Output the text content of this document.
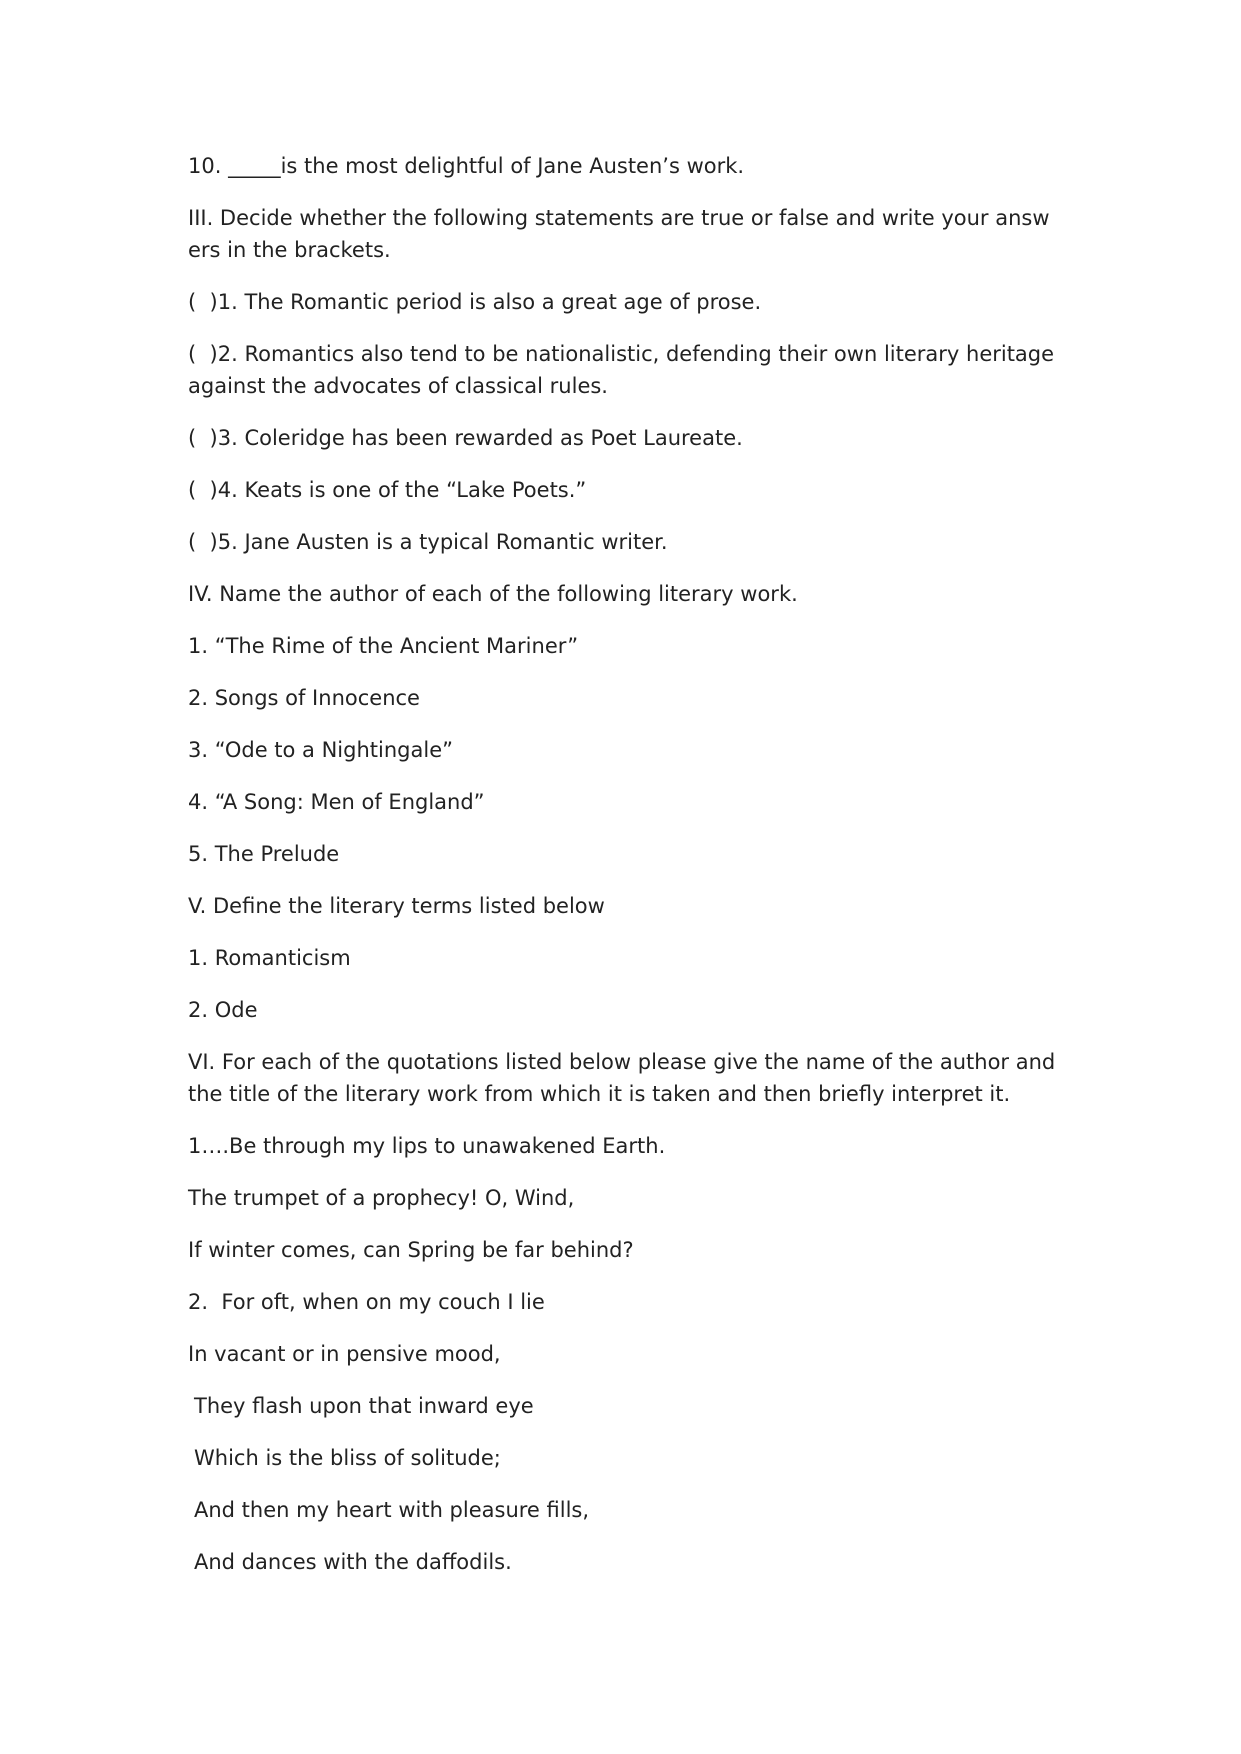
10. _____is the most delightful of Jane Austen’s work.

III. Decide whether the following statements are true or false and write your answers in the brackets.

(  )1. The Romantic period is also a great age of prose.

(  )2. Romantics also tend to be nationalistic, defending their own literary heritage against the advocates of classical rules.

(  )3. Coleridge has been rewarded as Poet Laureate.

(  )4. Keats is one of the “Lake Poets.”

(  )5. Jane Austen is a typical Romantic writer.

IV. Name the author of each of the following literary work.

1. “The Rime of the Ancient Mariner”

2. Songs of Innocence

3. “Ode to a Nightingale”

4. “A Song: Men of England”

5. The Prelude

V. Define the literary terms listed below

1. Romanticism

2. Ode

VI. For each of the quotations listed below please give the name of the author and the title of the literary work from which it is taken and then briefly interpret it.

1….Be through my lips to unawakened Earth.

The trumpet of a prophecy! O, Wind,

If winter comes, can Spring be far behind?

2.  For oft, when on my couch I lie

In vacant or in pensive mood,

They flash upon that inward eye

Which is the bliss of solitude;

And then my heart with pleasure fills,

And dances with the daffodils.
